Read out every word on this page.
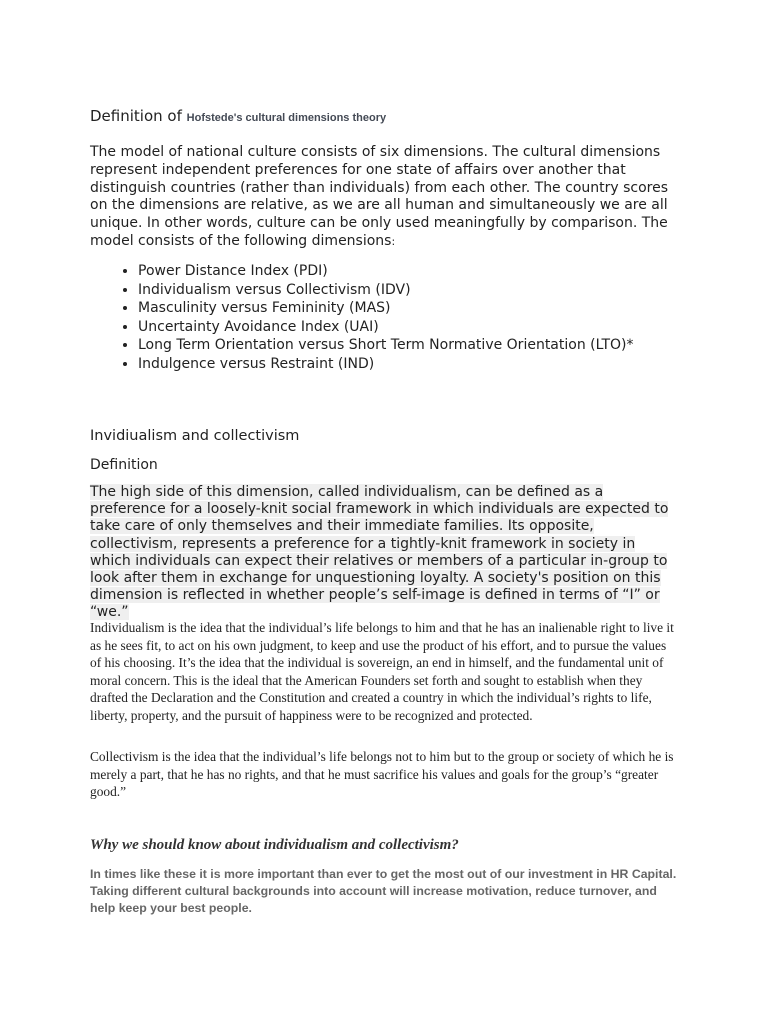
Definition of Hofstede's cultural dimensions theory

The model of national culture consists of six dimensions. The cultural dimensions represent independent preferences for one state of affairs over another that distinguish countries (rather than individuals) from each other. The country scores on the dimensions are relative, as we are all human and simultaneously we are all unique. In other words, culture can be only used meaningfully by comparison. The model consists of the following dimensions:

• Power Distance Index (PDI)
• Individualism versus Collectivism (IDV)
• Masculinity versus Femininity (MAS)
• Uncertainty Avoidance Index (UAI)
• Long Term Orientation versus Short Term Normative Orientation (LTO)*
• Indulgence versus Restraint (IND)
Invidiualism and collectivism
Definition

The high side of this dimension, called individualism, can be defined as a preference for a loosely-knit social framework in which individuals are expected to take care of only themselves and their immediate families. Its opposite, collectivism, represents a preference for a tightly-knit framework in society in which individuals can expect their relatives or members of a particular in-group to look after them in exchange for unquestioning loyalty. A society's position on this dimension is reflected in whether people’s self-image is defined in terms of “I” or “we.”

Individualism is the idea that the individual’s life belongs to him and that he has an inalienable right to live it as he sees fit, to act on his own judgment, to keep and use the product of his effort, and to pursue the values of his choosing. It’s the idea that the individual is sovereign, an end in himself, and the fundamental unit of moral concern. This is the ideal that the American Founders set forth and sought to establish when they drafted the Declaration and the Constitution and created a country in which the individual’s rights to life, liberty, property, and the pursuit of happiness were to be recognized and protected.

Collectivism is the idea that the individual’s life belongs not to him but to the group or society of which he is merely a part, that he has no rights, and that he must sacrifice his values and goals for the group’s “greater good.”

Why we should know about individualism and collectivism?

In times like these it is more important than ever to get the most out of our investment in HR Capital. Taking different cultural backgrounds into account will increase motivation, reduce turnover, and help keep your best people.
